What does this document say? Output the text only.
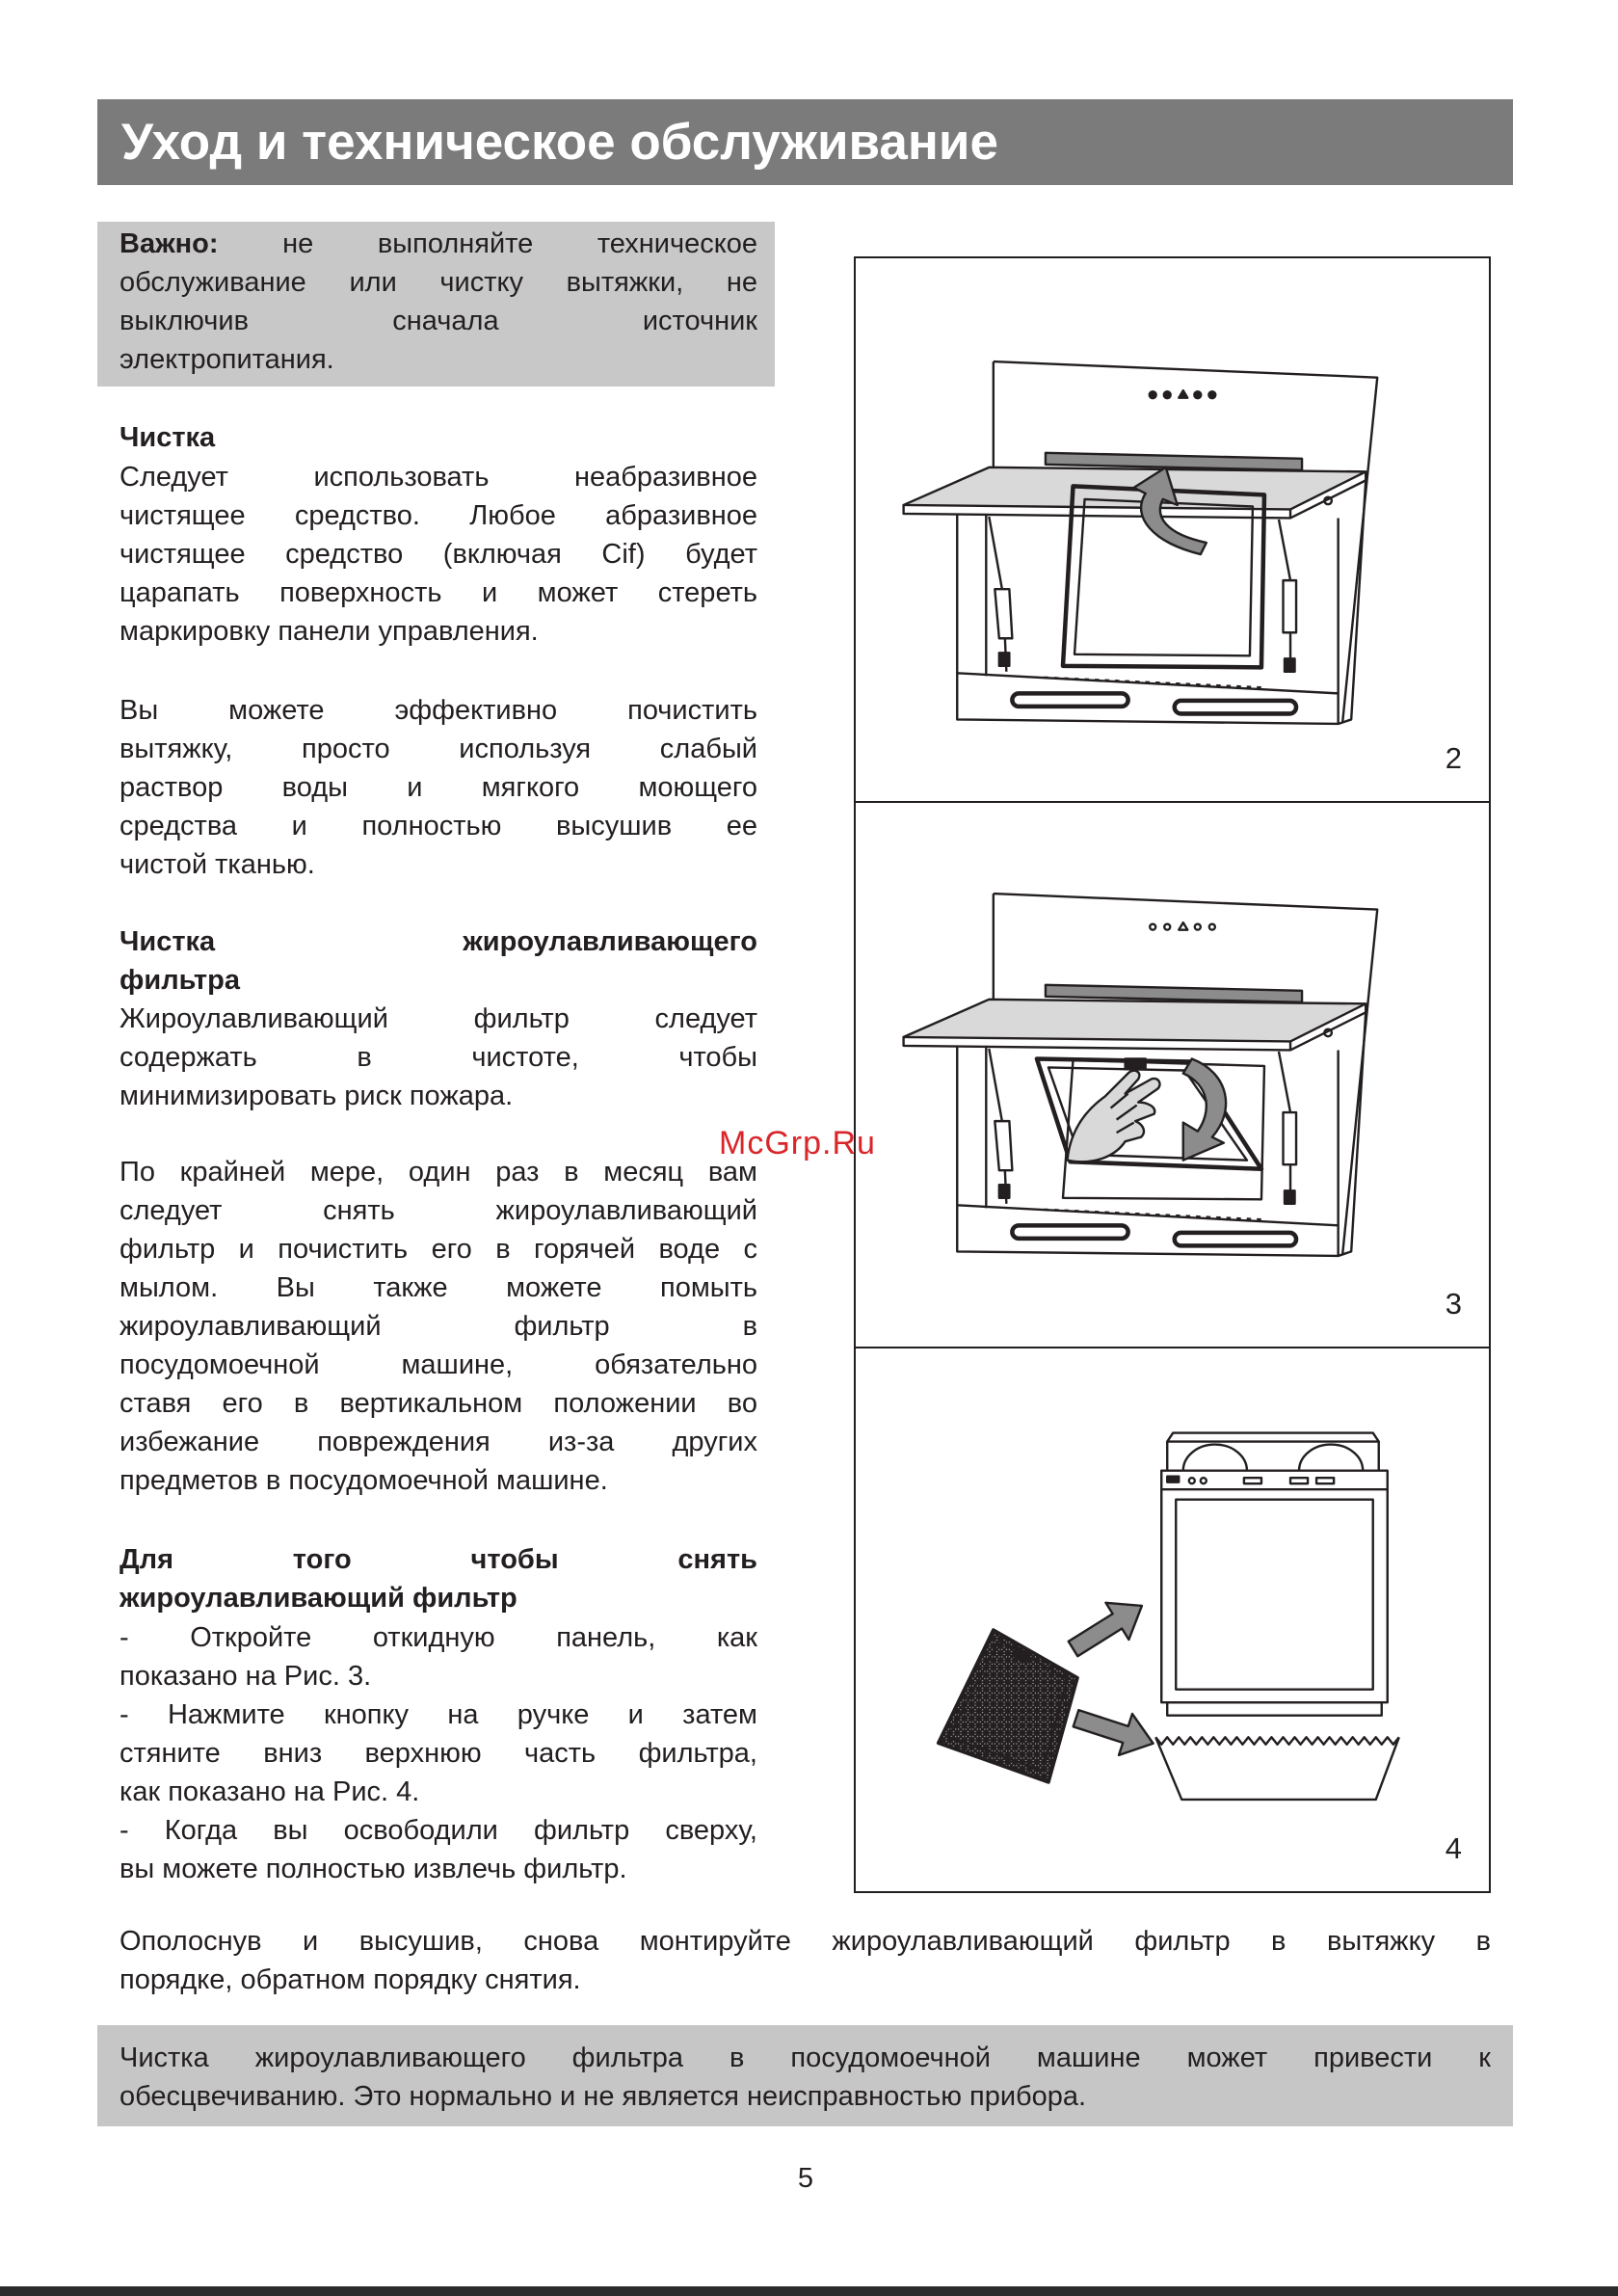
Уход и техническое обслуживание
Важно: не выполняйте техническое
обслуживание или чистку вытяжки, не
выключив сначала источник
электропитания.
Чистка
Следует использовать неабразивное
чистящее средство. Любое абразивное
чистящее средство (включая Cif) будет
царапать поверхность и может стереть
маркировку панели управления.
Вы можете эффективно почистить
вытяжку, просто используя слабый
раствор воды и мягкого моющего
средства и полностью высушив ее
чистой тканью.
Чистка жироулавливающего
фильтра
Жироулавливающий фильтр следует
содержать в чистоте, чтобы
минимизировать риск пожара.
По крайней мере, один раз в месяц вам
следует снять жироулавливающий
фильтр и почистить его в горячей воде с
мылом. Вы также можете помыть
жироулавливающий фильтр в
посудомоечной машине, обязательно
ставя его в вертикальном положении во
избежание повреждения из-за других
предметов в посудомоечной машине.
Для того чтобы снять
жироулавливающий фильтр
- Откройте откидную панель, как
показано на Рис. 3.
- Нажмите кнопку на ручке и затем
стяните вниз верхнюю часть фильтра,
как показано на Рис. 4.
- Когда вы освободили фильтр сверху,
вы можете полностью извлечь фильтр.
Ополоснув и высушив, снова монтируйте жироулавливающий фильтр в вытяжку в
порядке, обратном порядку снятия.
Чистка жироулавливающего фильтра в посудомоечной машине может привести к
обесцвечиванию. Это нормально и не является неисправностью прибора.
2
3
4
McGrp.Ru
5
